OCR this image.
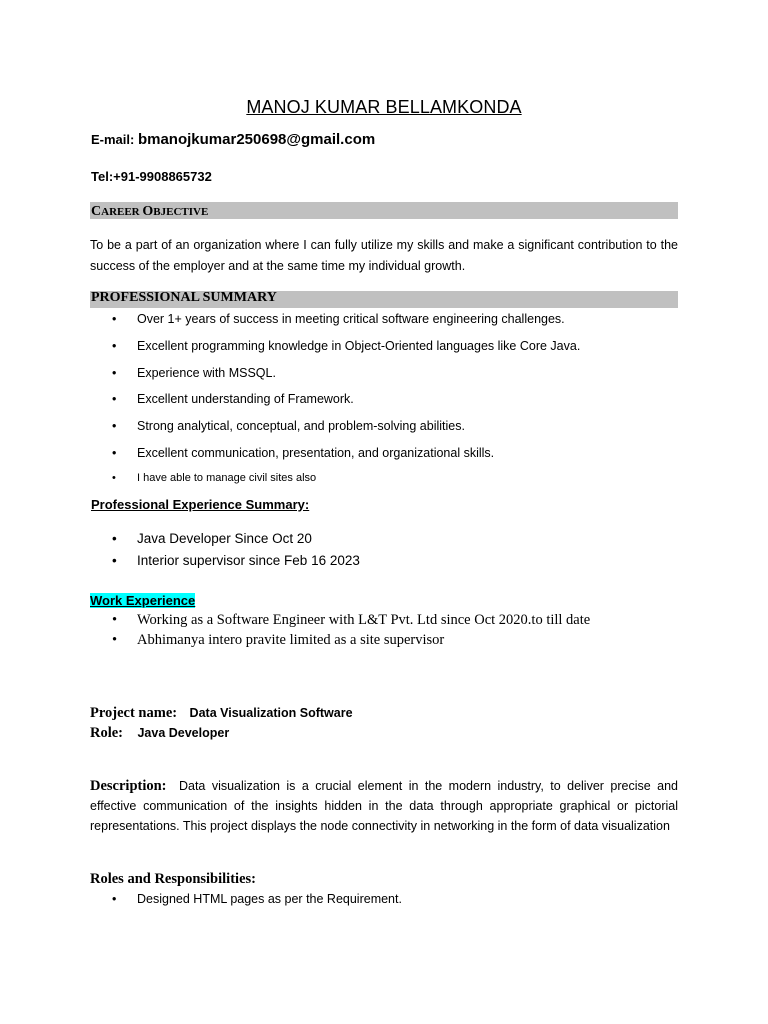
MANOJ KUMAR BELLAMKONDA
E-mail: bmanojkumar250698@gmail.com
Tel:+91-9908865732
CAREER OBJECTIVE
To be a part of an organization where I can fully utilize my skills and make a significant contribution to the success of the employer and at the same time my individual growth.
PROFESSIONAL SUMMARY
• Over 1+ years of success in meeting critical software engineering challenges.
• Excellent programming knowledge in Object-Oriented languages like Core Java.
• Experience with MSSQL.
• Excellent understanding of Framework.
• Strong analytical, conceptual, and problem-solving abilities.
• Excellent communication, presentation, and organizational skills.
• I have able to manage civil sites also
Professional Experience Summary:
• Java Developer Since Oct 20
• Interior supervisor since Feb 16 2023
Work Experience
• Working as a Software Engineer with L&T Pvt. Ltd since Oct 2020.to till date
• Abhimanya intero pravite limited as a site supervisor
Project name: Data Visualization Software
Role: Java Developer
Description: Data visualization is a crucial element in the modern industry, to deliver precise and effective communication of the insights hidden in the data through appropriate graphical or pictorial representations. This project displays the node connectivity in networking in the form of data visualization
Roles and Responsibilities:
• Designed HTML pages as per the Requirement.
